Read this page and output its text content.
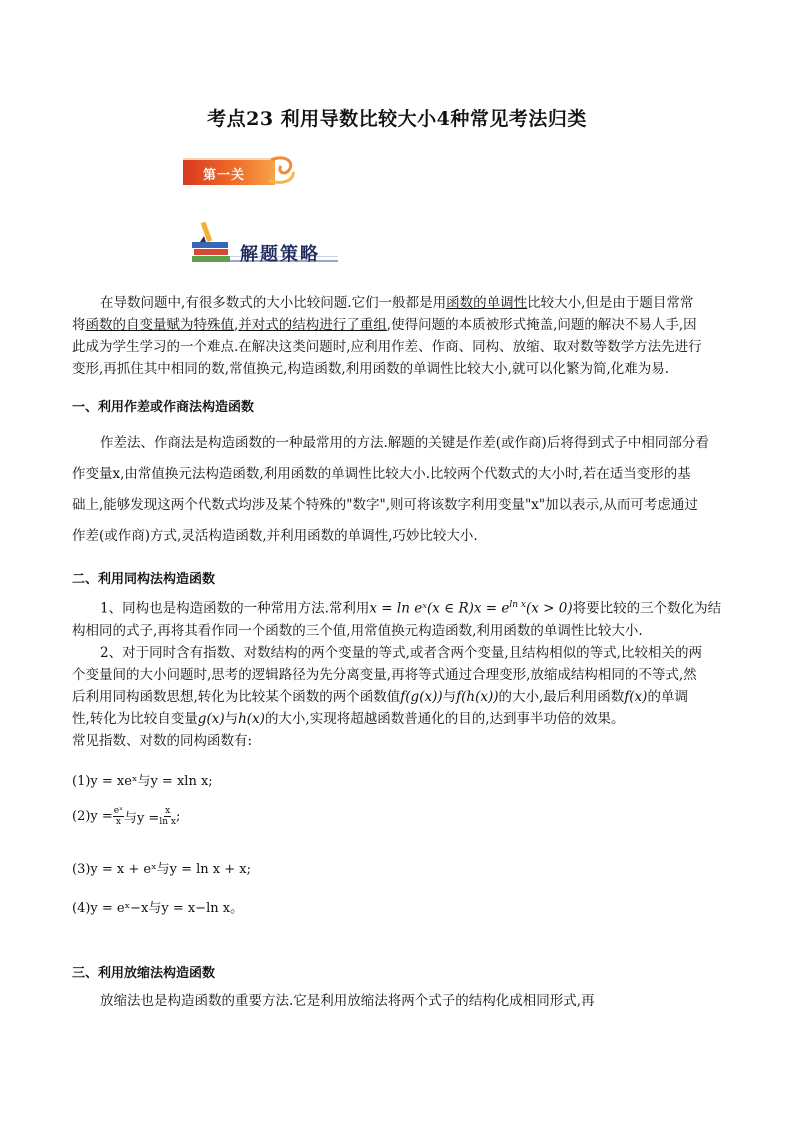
考点23 利用导数比较大小4种常见考法归类
第一关
解题策略
在导数问题中,有很多数式的大小比较问题.它们一般都是用函数的单调性比较大小,但是由于题目常常
将函数的自变量赋为特殊值,并对式的结构进行了重组,使得问题的本质被形式掩盖,问题的解决不易人手,因
此成为学生学习的一个难点.在解决这类问题时,应利用作差、作商、同构、放缩、取对数等数学方法先进行
变形,再抓住其中相同的数,常值换元,构造函数,利用函数的单调性比较大小,就可以化繁为简,化难为易.
一、利用作差或作商法构造函数
作差法、作商法是构造函数的一种最常用的方法.解题的关键是作差(或作商)后将得到式子中相同部分看
作变量x,由常值换元法构造函数,利用函数的单调性比较大小.比较两个代数式的大小时,若在适当变形的基
础上,能够发现这两个代数式均涉及某个特殊的"数字",则可将该数字利用变量"x"加以表示,从而可考虑通过
作差(或作商)方式,灵活构造函数,并利用函数的单调性,巧妙比较大小.
二、利用同构法构造函数
1、同构也是构造函数的一种常用方法.常利用x = ln eˣ(x ∈ $R)x = e^{ln x}(x > 0)$将要比较的三个数化为结
构相同的式子,再将其看作同一个函数的三个值,用常值换元构造函数,利用函数的单调性比较大小.
2、对于同时含有指数、对数结构的两个变量的等式,或者含两个变量,且结构相似的等式,比较相关的两
个变量间的大小问题时,思考的逻辑路径为先分离变量,再将等式通过合理变形,放缩成结构相同的不等式,然
后利用同构函数思想,转化为比较某个函数的两个函数值f(g(x))与f(h(x))的大小,最后利用函数f(x)的单调
性,转化为比较自变量g(x)与h(x)的大小,实现将超越函数普通化的目的,达到事半功倍的效果。
常见指数、对数的同构函数有:
(1)y = xeˣ与y = xln x;
$(2)y = \frac{\text{eˣ}}{x}$ 与$y = \frac{x}{\text{ln x}}$ ;
(3)y = x + eˣ与y = ln x + x;
(4)y = eˣ−x与y = x−ln x。
三、利用放缩法构造函数
放缩法也是构造函数的重要方法.它是利用放缩法将两个式子的结构化成相同形式,再
